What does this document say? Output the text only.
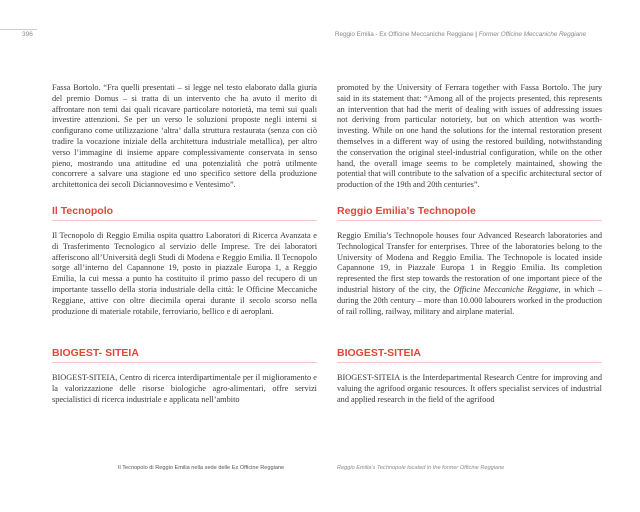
396	Reggio Emilia - Ex Officine Meccaniche Reggiane | Former Officine Meccaniche Reggiane

Fassa Bortolo. “Fra quelli presentati – si legge nel testo elaborato dalla giuria del premio Domus – si tratta di un intervento che ha avuto il merito di affrontare non temi dai quali ricavare particolare notorietà, ma temi sui quali investire attenzioni. Se per un verso le soluzioni proposte negli interni si configurano come utilizzazione ‘altra’ dalla struttura restaurata (senza con ciò tradire la vocazione iniziale della architettura industriale metallica), per altro verso l’immagine di insieme appare complessivamente conservata in senso pieno, mostrando una attitudine ed una potenzialità che potrà utilmente concorrere a salvare una stagione ed uno specifico settore della produzione architettonica dei secoli Diciannovesimo e Ventesimo”.

Il Tecnopolo

Il Tecnopolo di Reggio Emilia ospita quattro Laboratori di Ricerca Avanzata e di Trasferimento Tecnologico al servizio delle Imprese. Tre dei laboratori afferiscono all’Università degli Studi di Modena e Reggio Emilia. Il Tecnopolo sorge all’interno del Capannone 19, posto in piazzale Europa 1, a Reggio Emilia, la cui messa a punto ha costituito il primo passo del recupero di un importante tassello della storia industriale della città: le Officine Meccaniche Reggiane, attive con oltre diecimila operai durante il secolo scorso nella produzione di materiale rotabile, ferroviario, bellico e di aeroplani.

BIOGEST- SITEIA

BIOGEST-SITEIA, Centro di ricerca interdipartimentale per il miglioramento e la valorizzazione delle risorse biologiche agro-alimentari, offre servizi specialistici di ricerca industriale e applicata nell’ambito

promoted by the University of Ferrara together with Fassa Bortolo. The jury said in its statement that: “Among all of the projects presented, this represents an intervention that had the merit of dealing with issues of addressing issues not deriving from particular notoriety, but on which attention was worth-investing. While on one hand the solutions for the internal restoration present themselves in a different way of using the restored building, notwithstanding the conservation the original steel-industrial configuration, while on the other hand, the overall image seems to be completely maintained, showing the potential that will contribute to the salvation of a specific architectural sector of production of the 19th and 20th centuries”.

Reggio Emilia’s Technopole

Reggio Emilia’s Technopole houses four Advanced Research laboratories and Technological Transfer for enterprises. Three of the laboratories belong to the University of Modena and Reggio Emilia. The Technopole is located inside Capannone 19, in Piazzale Europa 1 in Reggio Emilia. Its completion represented the first step towards the restoration of one important piece of the industrial history of the city, the Officine Meccaniche Reggiane, in which – during the 20th century – more than 10.000 labourers worked in the production of rail rolling, railway, military and airplane material.

BIOGEST-SITEIA

BIOGEST-SITEIA is the Interdepartmental Research Centre for improving and valuing the agrifood organic resources. It offers specialist services of industrial and applied research in the field of the agrifood

Il Tecnopolo di Reggio Emilia nella sede delle Ex Officine Reggiane	Reggio Emilia’s Technopole located in the former Officine Reggiane
